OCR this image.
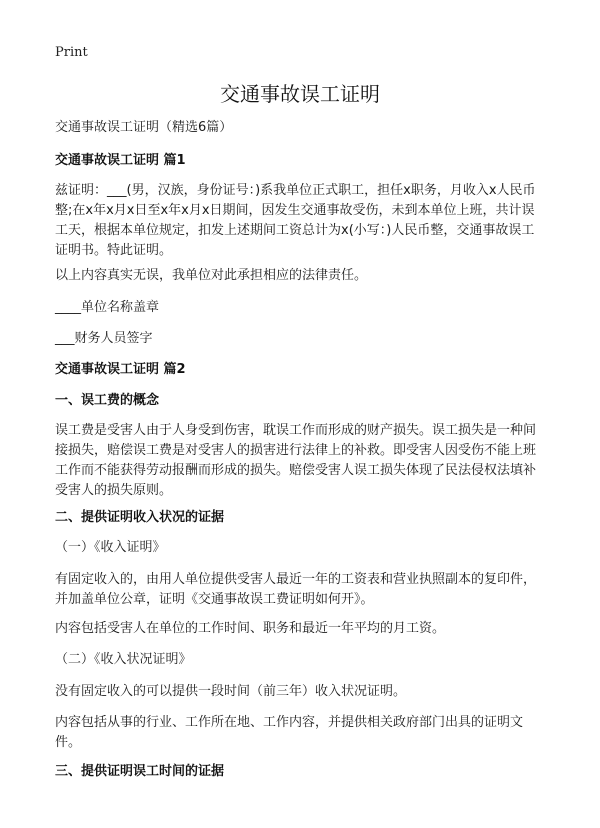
Print
交通事故误工证明

交通事故误工证明（精选6篇）

交通事故误工证明 篇1

兹证明：___(男，汉族，身份证号：)系我单位正式职工，担任x职务，月收入x人民币整;在x年x月x日至x年x月x日期间，因发生交通事故受伤，未到本单位上班，共计误工天，根据本单位规定，扣发上述期间工资总计为x(小写：)人民币整，交通事故误工证明书。特此证明。

以上内容真实无误，我单位对此承担相应的法律责任。

____单位名称盖章

___财务人员签字

交通事故误工证明 篇2

一、误工费的概念

误工费是受害人由于人身受到伤害，耽误工作而形成的财产损失。误工损失是一种间接损失，赔偿误工费是对受害人的损害进行法律上的补救。即受害人因受伤不能上班工作而不能获得劳动报酬而形成的损失。赔偿受害人误工损失体现了民法侵权法填补受害人的损失原则。

二、提供证明收入状况的证据

（一）《收入证明》

有固定收入的，由用人单位提供受害人最近一年的工资表和营业执照副本的复印件，并加盖单位公章，证明《交通事故误工费证明如何开》。

内容包括受害人在单位的工作时间、职务和最近一年平均的月工资。

（二）《收入状况证明》

没有固定收入的可以提供一段时间（前三年）收入状况证明。

内容包括从事的行业、工作所在地、工作内容，并提供相关政府部门出具的证明文件。

三、提供证明误工时间的证据
